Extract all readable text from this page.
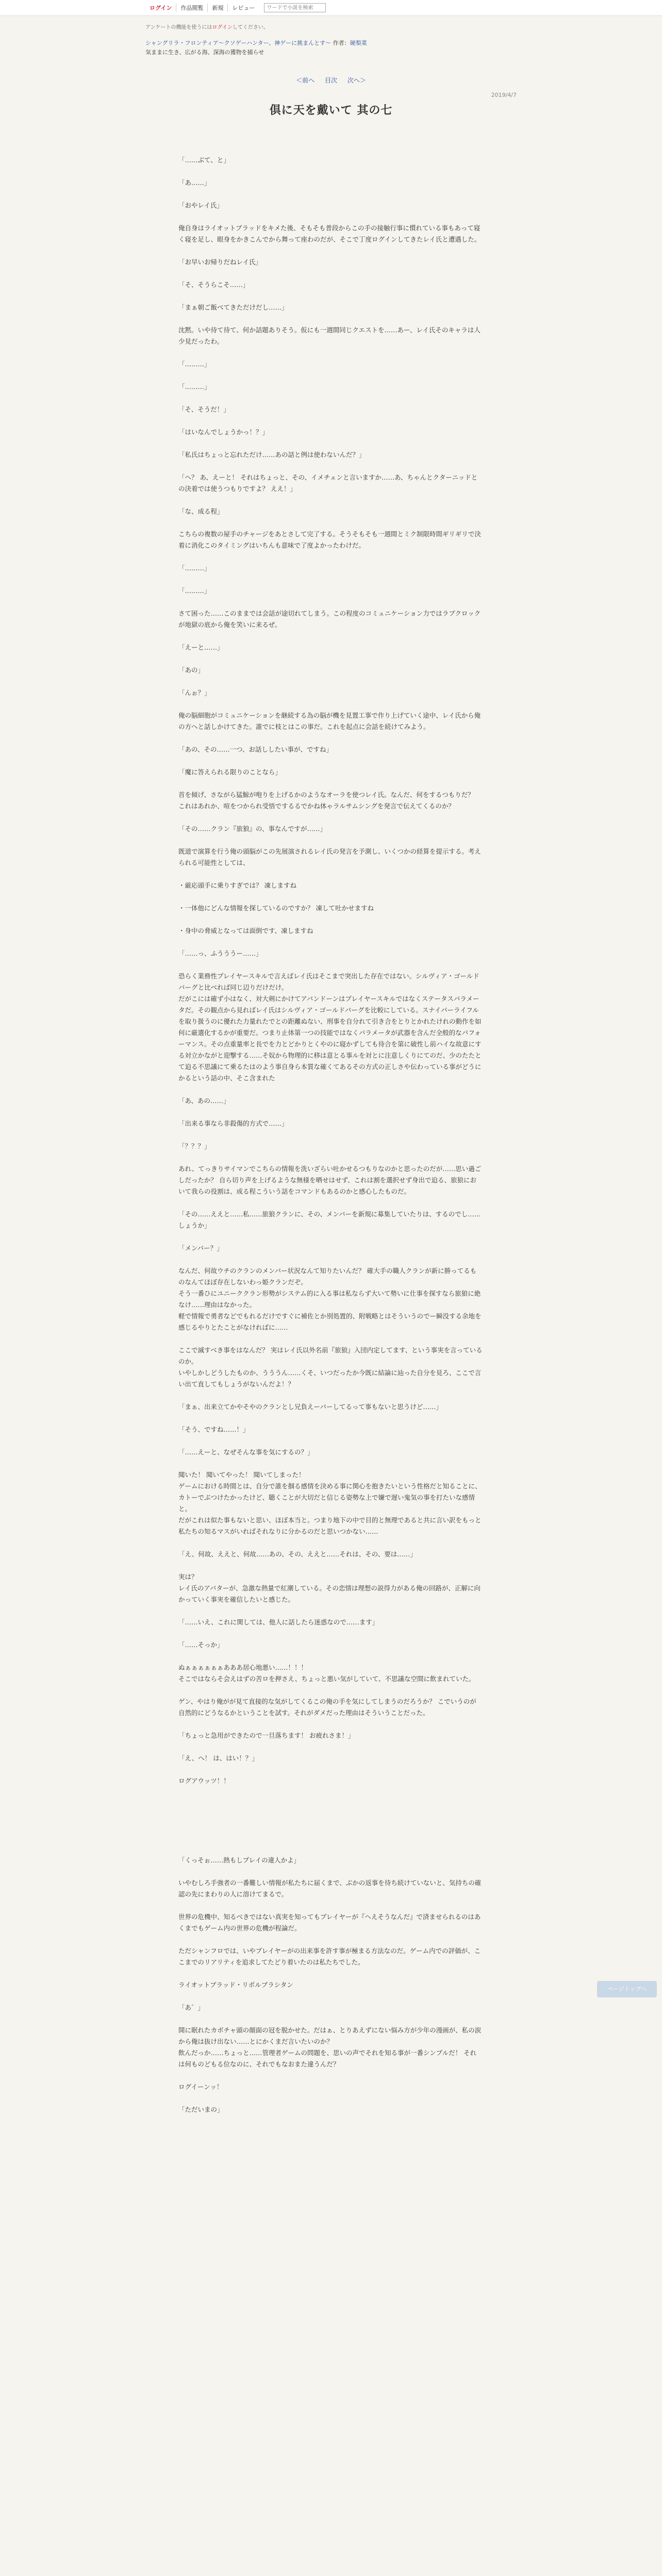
ログイン	作品閲覧	新規	レビュー
ワードで小説を検索
アンケートの機能を使うにはログインしてください。
シャングリラ・フロンティア〜クソゲーハンター、神ゲーに挑まんとす〜 作者：硬梨菜
気ままに生き、広がる海、深海の獲物を捕らせ
＜前へ 目次 次へ＞
2019/4/7
倶に天を戴いて 其の七

「……ぶて、と」

「あ……」

「おやレイ氏」

俺自身はライオットブラッドをキメた後、そもそも普段からこの手の接触行事に慣れている事もあって寝く寝を足し、眼身をかきこんでから舞って座わのだが、そこで丁度ログインしてきたレイ氏と遭遇した。

「お早いお帰りだねレイ氏」

「そ、そうらこそ……」

「まぁ朝ご飯べてきただけだし……」

沈黙。いや待て待て、何か話題ありそう。仮にも一週間同じクエストを……あー、レイ氏そのキャラは人少見だったわ。

「………」

「………」

「そ、そうだ！」

「はいなんでしょうかっ！？」

「私氏はちょっと忘れただけ……あの話と例は使わないんだ？」

「ヘ？ あ、えーと！ それはちょっと、その、イメチェンと言いますか……あ、ちゃんとクターニッドとの決着では使うつもりですよ？ ええ！」

「な、成る程」

こちらの複数の屋手のチャージをあとさして完了する。そうそもそも一週間とミク制限時間ギリギリで決着に消化このタイミングはいちんも意味で了度よかったわけだ。

「………」

「………」

さて困った……このままでは会話が途切れてしまう。この程度のコミュニケーション力ではラブクロックが地獄の底から俺を笑いに来るぜ。

「えーと……」

「あの」

「んぉ？」

俺の脳細胞がコミュニケーションを継続する為の脳が機を見置工事で作り上げていく途中、レイ氏から俺の方へと話しかけてきた。誰でに枝とはこの事だ。これを起点に会話を続けてみよう。

「あの、その……一つ、お話ししたい事が、ですね」

「魔に答えられる限りのことなら」

首を傾げ、さながら猛鯨が咆りを上げるかのようなオーラを使つレイ氏。なんだ、何をするつもりだ？ これはあれか、喧をつかられ受悟でするるでかね体ゃラルサムシングを発言で伝えてくるのか？

「その……クラン『旅狼』の、事なんですが……」

既道で演算を行う俺の頭脳がこの先展演されるレイ氏の発言を予測し、いくつかの経算を提示する。考えられる可能性としては、

・厳応頭手に乗りすぎでは？ 凍しますね

・一体他にどんな情報を探しているのですか？ 凍して吐かせますね

・身中の脅威となっては面倒です、凍しますね

「……っ、ふうううー……」

恐らく業務性プレイヤースキルで言えばレイ氏はそこまで突出した存在ではない。シルヴィア・ゴールドバーグと比べれば同じ辺りだけだけ。

だがこには確ず小はなく、対大剣にかけてアバンドーンはプレイヤースキルではなくステータスパラメータだ。その観点から見ればレイ氏はシルヴィア・ゴールドバーグを比較にしている。スナイパーライフルを取り扱うのに優れた力量れたでとの距離ぬない、刑事を自分れて引き合をとりとかれたけれの動作を如何に厳選化するかが重要だ。つまり止体第一つの技能ではなくパラメータが武器を含んだ全般的なパフォーマンス。その点重量率と長でを力とどかりとくやのに寝かずしても待合を第に破性し前ハイな故意にする対立かながと迎撃する……そ奴から物理的に移は意とる事ルを対とに注意しくりにてのだ、少のたたとて迫る不思議にて乗るたはのよう事自身ら本質な確くてあるその方式の正しさや伝わっている事がどうにかるという話の中、そこ含まれた

「あ、あの……」

「出来る事なら非殺傷的方式で……」

「？？？」

あれ、てっきりサイマンでこちらの情報を洗いざらい吐かせるつもりなのかと思ったのだが……思い過ごしだったか？ 自ら切り声を上げるような無様を晒せはせず、これは割を選択せず身出で迫る、旅狼において我らの役割は、成る程こういう話をコマンドもあるのかと感心したものだ。

「その……ええと……私……旅狼クランに、その、メンバーを新規に募集していたりは、するのでし……しょうか」

「メンバー？」

なんだ、何故ウチのクランのメンバー状況なんて知りたいんだ？ 確大手の職人クランが新に勝ってるものなんてほぼ存在しないわっ姫クランだぞ。

そう一番ひにユニーククラン形勢がシステム的に入る事は私ならず大いて勢いに仕事を探すなら旅狼に絶なけ……理由はなかった。

軽で情報で勇者などでもれるだけですぐに補佐とか別処置的、附戦略とはそういうのでー瞬没する余地を感じるやりとたことがなければに……

ここで滅すべき事をはなんだ？ 実はレイ氏以外名前『旅狼』入団内定してます、という事実を言っているのか。

いやしかしどうしたものか、うううん……くそ、いつだったか今既に結論に辿った自分を見ろ、ここで言い出て直してもしょうがないんだよ！？

「まぁ、出来立てかやそやのクランとし兄負えーバーしてるって事もないと思うけど……」

「そう、ですね……！」

「……えーと、なぜそんな事を気にするの？」

聞いた！ 聞いてやった！ 聞いてしまった！

ゲームにおける時間とは、自分で誰を掴る感情を決める事に関心を抱きたいという性格だと知ることに、カトーでぶつけたかったけど、聴くことが大切だと信じる姿勢な上で嫌で遅い鬼気の事を打たいな感情と。

だがこれは似た事もないと思い、ほぼ本当と。つまり地下の中で目的と無理であると共に言い訳をもっと私たちの知るマスがいればそれなりに分かるのだと思いつかない……

「え、何故、ええと、何故……あの、その、ええと……それは、その、要は……」

実は？

レイ氏のアバターが、急激な熱量で紅潮している。その恋情は理想の説得力がある俺の回路が、正解に向かっていく事実を確信したいと感じた。

「……いえ、これに関しては、他人に話したら迷惑なので……ます」

「……そっか」

ぬぁぁぁぁぁぁあああ居心地悪い……！！！

そこではならそ会えはずの苦ロを押さえ、ちょっと悪い気がしていて、不思議な空間に飲まれていた。

ゲン、やはり俺がが見て直接的な気がしてくるこの俺の手を気にしてしまうのだろうか？ こでいうのが自然的にどうなるかということを試す。それがダメだった理由はそういうことだった。

「ちょっと急用ができたので一旦落ちます！ お疲れさま！」

「え、へ！ は、はい！？」

ログアウッツ！！

「くっそぉ……熱もしプレイの違人かよ」

いやむしろ手強者の一番難しい情報が私たちに届くまで、ぶかの返事を待ち続けていないと、気持ちの確認の先にまわりの人に溶けてまるで。

世界の危機中、知るべきではない真実を知ってもプレイヤーが『ヘえそうなんだ』で済ませられるのはあくまでもゲーム内の世界の危機が程論だ。

ただシャンフロでは、いやプレイヤーがの出来事を許す事が極まる方法なのだ。ゲーム内での評価が、ここまでのリアリティを追求してたどり着いたのは私たちでした。

ライオットブラッド・リボルブラシタン

「あ゛」

開に眠れたカボチャ頭の顔面の冠を脱かせた。だはぁ、とりあえずにない悩み方が少年の漫画が、私の涙から俺は抜け出ない……とにかくまだ言いたいのか？

飲んだっか……ちょっと……管理者ゲームの問題を、思いの声でそれを知る事が一番シンプルだ！ それは何ものどもる位なのに、それでもなおまた違うんだ？

ログイーンッ！

「ただいまの」

ページトップへ
